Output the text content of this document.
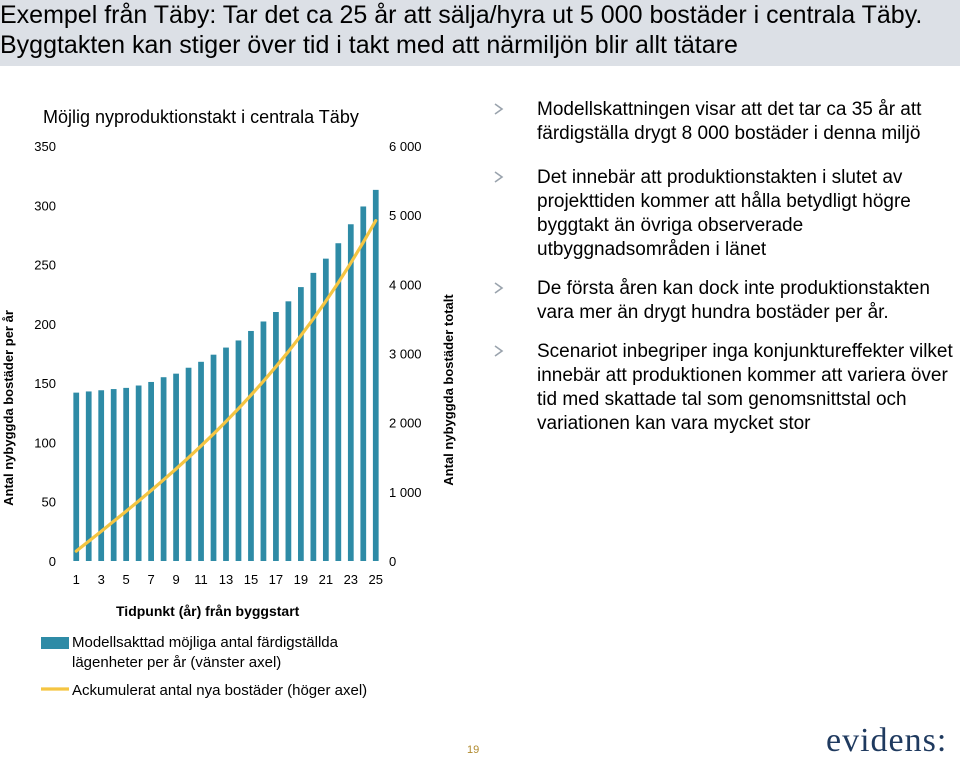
Exempel från Täby: Tar det ca 25 år att sälja/hyra ut 5 000 bostäder i centrala Täby. Byggtakten kan stiger över tid i takt med att närmiljön blir allt tätare
Möjlig nyproduktionstakt i centrala Täby
0
50
100
150
200
250
300
350
0
1 000
2 000
3 000
4 000
5 000
6 000
1 3 5 7 9 11 13 15 17 19 21 23 25
Tidpunkt (år) från byggstart
Antal nybyggda bostäder per år	Antal nybyggda bostäder totalt
Modellsakttad möjliga antal färdigställda lägenheter per år (vänster axel)
Ackumulerat antal nya bostäder (höger axel)
Modellskattningen visar att det tar ca 35 år att färdigställa drygt 8 000 bostäder i denna miljö
Det innebär att produktionstakten i slutet av projekttiden kommer att hålla betydligt högre byggtakt än övriga observerade utbyggnadsområden i länet
De första åren kan dock inte produktionstakten vara mer än drygt hundra bostäder per år.
Scenariot inbegriper inga konjunktureffekter vilket innebär att produktionen kommer att variera över tid med skattade tal som genomsnittstal och variationen kan vara mycket stor
19	evidens:
